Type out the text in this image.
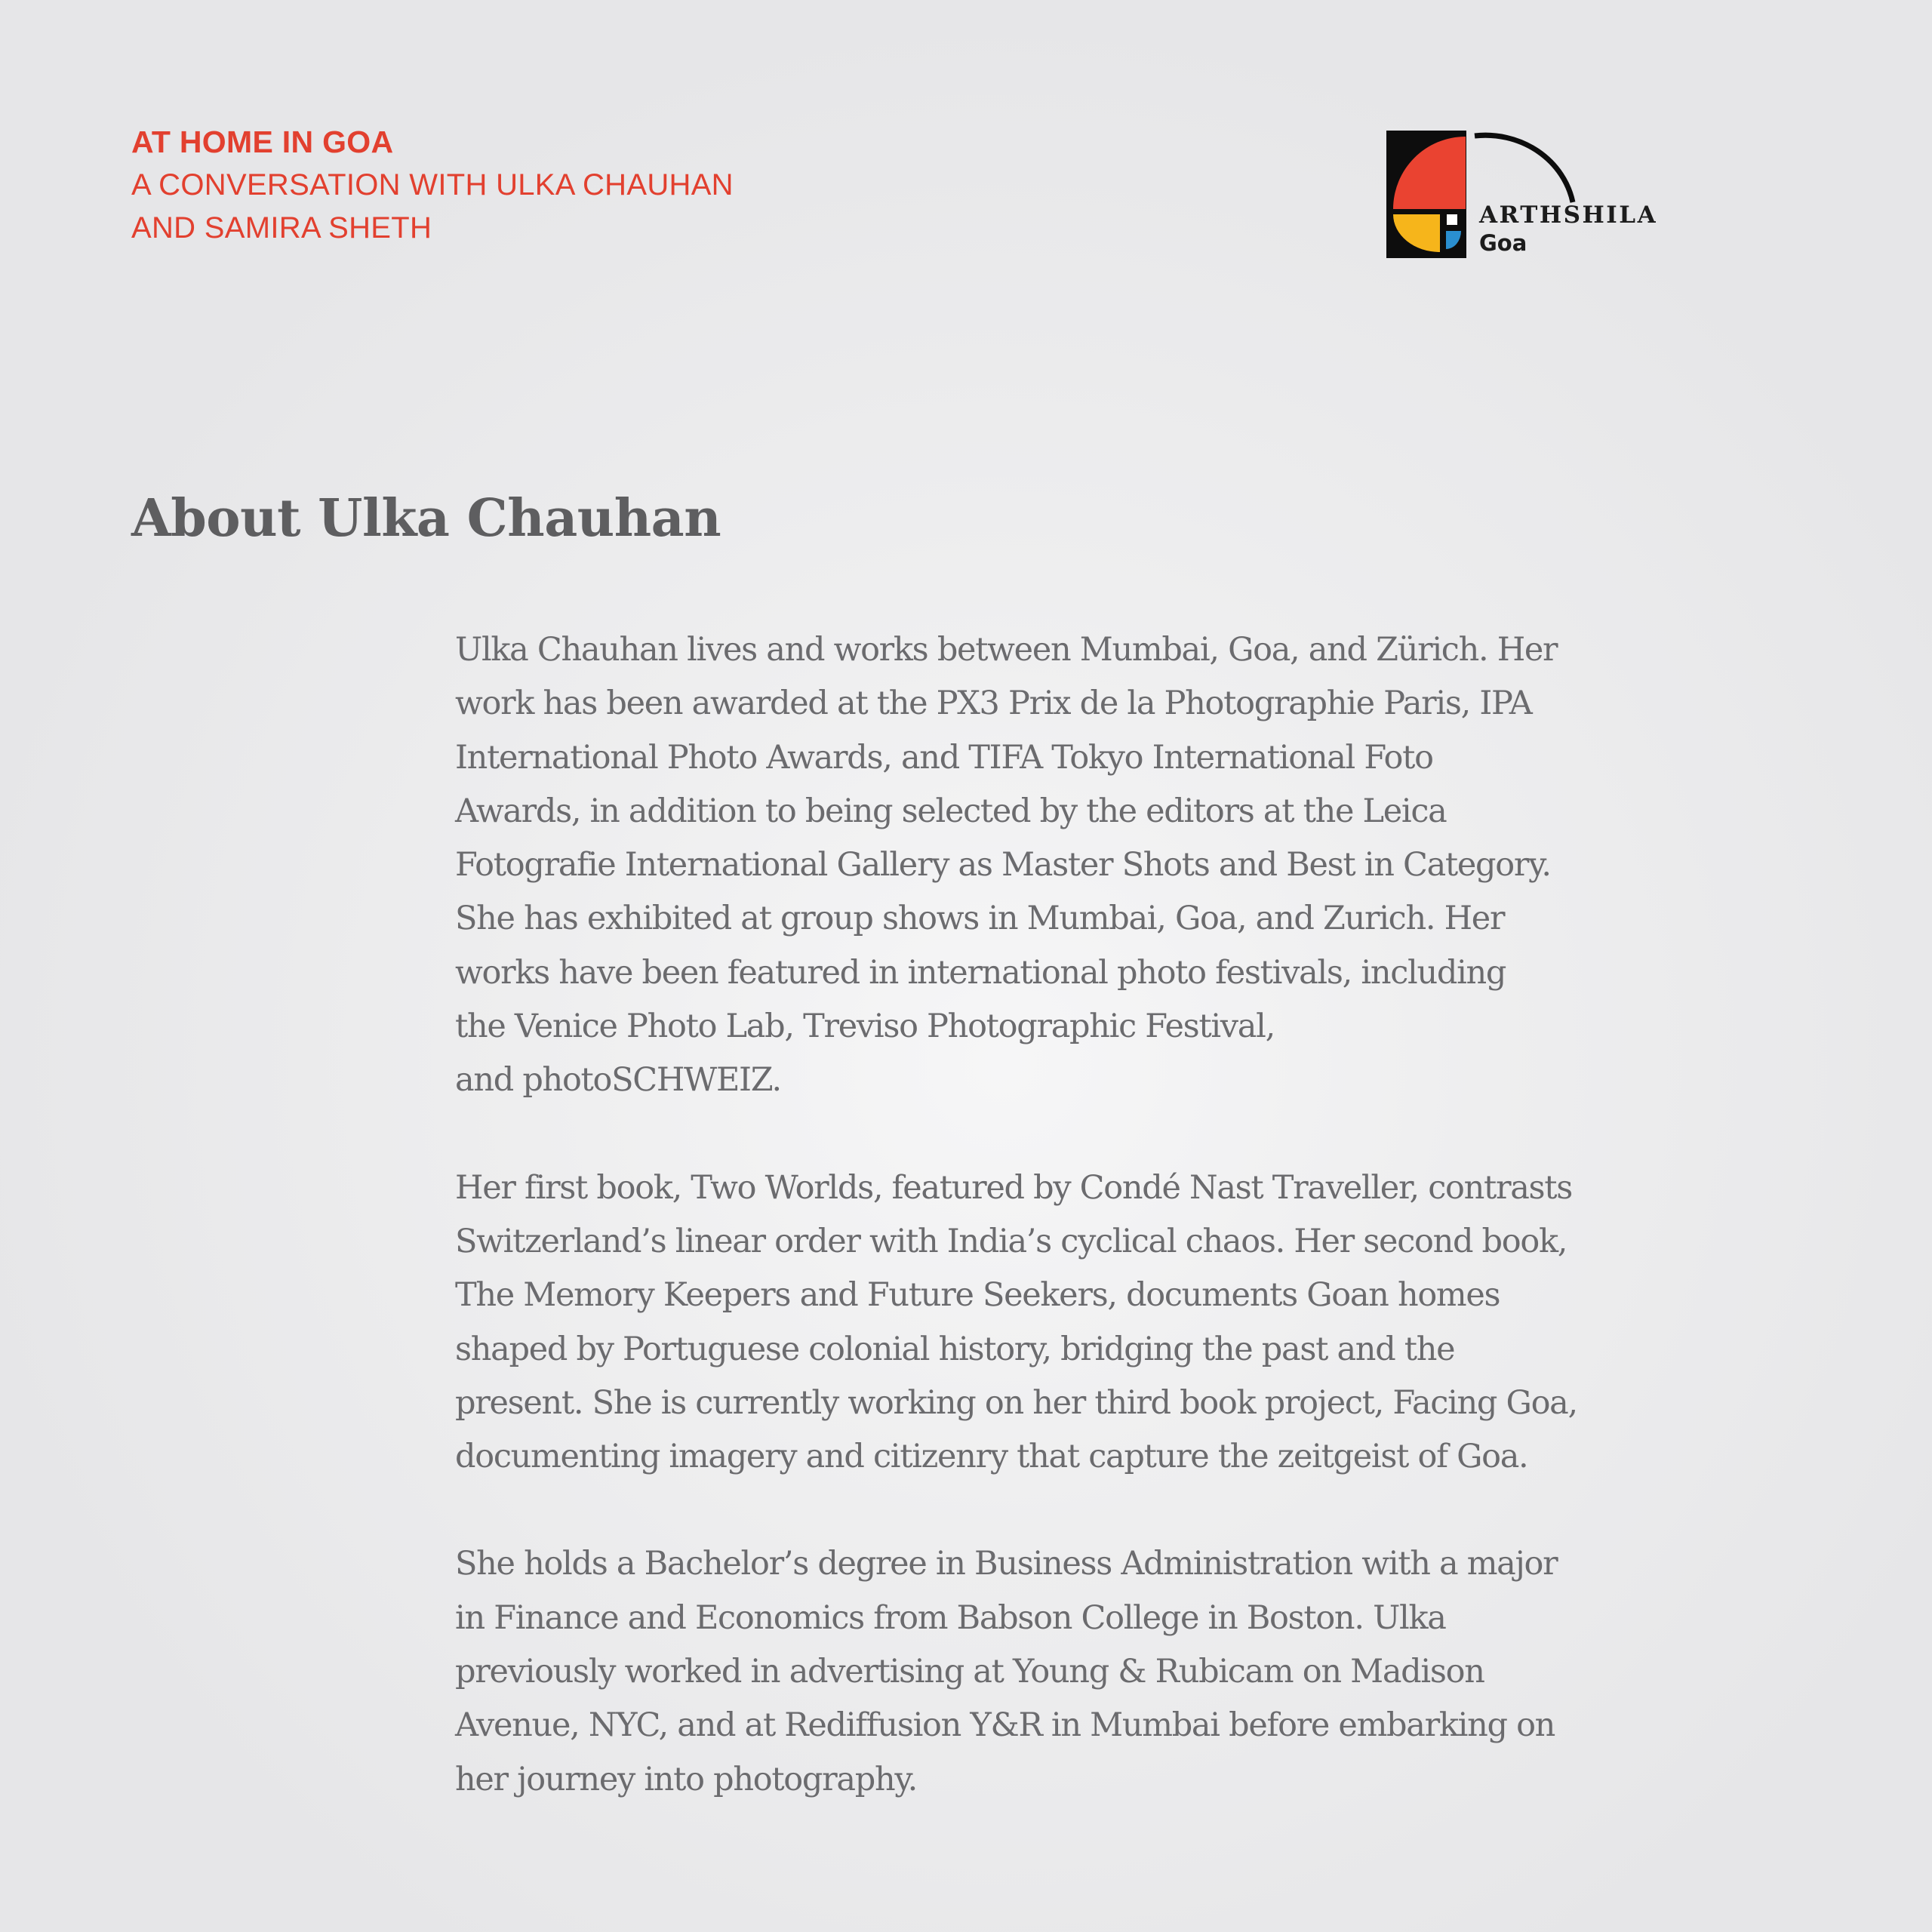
AT HOME IN GOA
A CONVERSATION WITH ULKA CHAUHAN
AND SAMIRA SHETH	ARTHSHILA
Goa
About Ulka Chauhan

Ulka Chauhan lives and works between Mumbai, Goa, and Zürich. Her
work has been awarded at the PX3 Prix de la Photographie Paris, IPA
International Photo Awards, and TIFA Tokyo International Foto
Awards, in addition to being selected by the editors at the Leica
Fotografie International Gallery as Master Shots and Best in Category.
She has exhibited at group shows in Mumbai, Goa, and Zurich. Her
works have been featured in international photo festivals, including
the Venice Photo Lab, Treviso Photographic Festival,
and photoSCHWEIZ.

Her first book, Two Worlds, featured by Condé Nast Traveller, contrasts
Switzerland’s linear order with India’s cyclical chaos. Her second book,
The Memory Keepers and Future Seekers, documents Goan homes
shaped by Portuguese colonial history, bridging the past and the
present. She is currently working on her third book project, Facing Goa,
documenting imagery and citizenry that capture the zeitgeist of Goa.

She holds a Bachelor’s degree in Business Administration with a major
in Finance and Economics from Babson College in Boston. Ulka
previously worked in advertising at Young & Rubicam on Madison
Avenue, NYC, and at Rediffusion Y&R in Mumbai before embarking on
her journey into photography.
